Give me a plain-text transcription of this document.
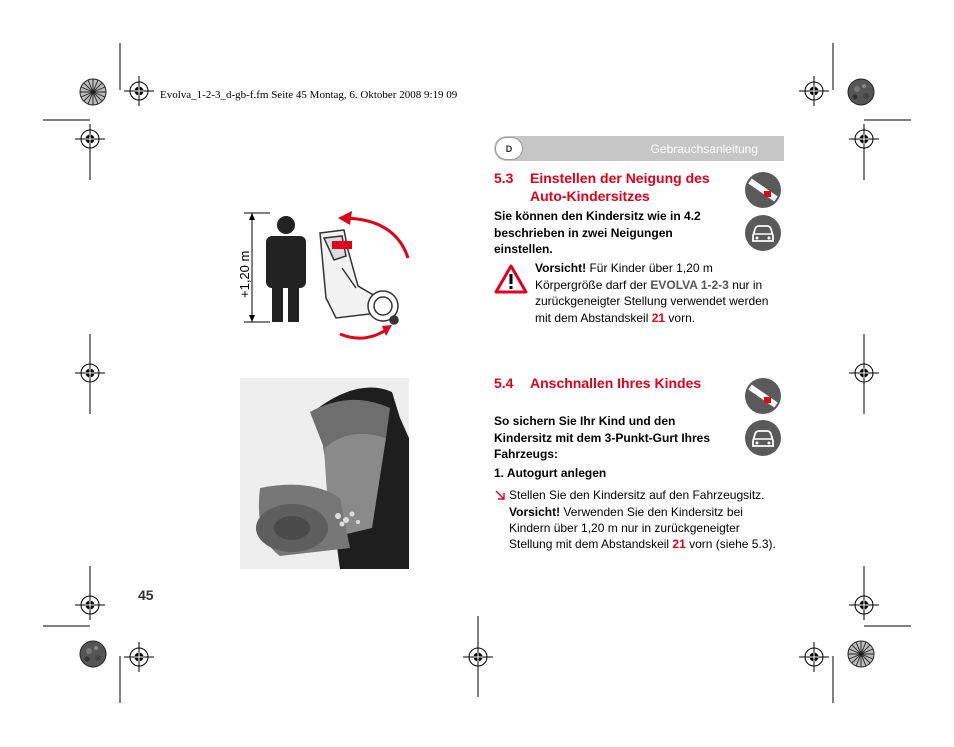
Evolva_1-2-3_d-gb-f.fm Seite 45 Montag, 6. Oktober 2008 9:19 09
D	Gebrauchsanleitung
+1,20 m
5.3 Einstellen der Neigung des
Auto-Kindersitzes
Sie können den Kindersitz wie in 4.2
beschrieben in zwei Neigungen
einstellen.
Vorsicht! Für Kinder über 1,20 m
Körpergröße darf der EVOLVA 1-2-3 nur in
zurückgeneigter Stellung verwendet werden
mit dem Abstandskeil 21 vorn.
5.4 Anschnallen Ihres Kindes
So sichern Sie Ihr Kind und den
Kindersitz mit dem 3-Punkt-Gurt Ihres
Fahrzeugs:
1. Autogurt anlegen
Stellen Sie den Kindersitz auf den Fahrzeugsitz.
Vorsicht! Verwenden Sie den Kindersitz bei
Kindern über 1,20 m nur in zurückgeneigter
Stellung mit dem Abstandskeil 21 vorn (siehe 5.3).
45
